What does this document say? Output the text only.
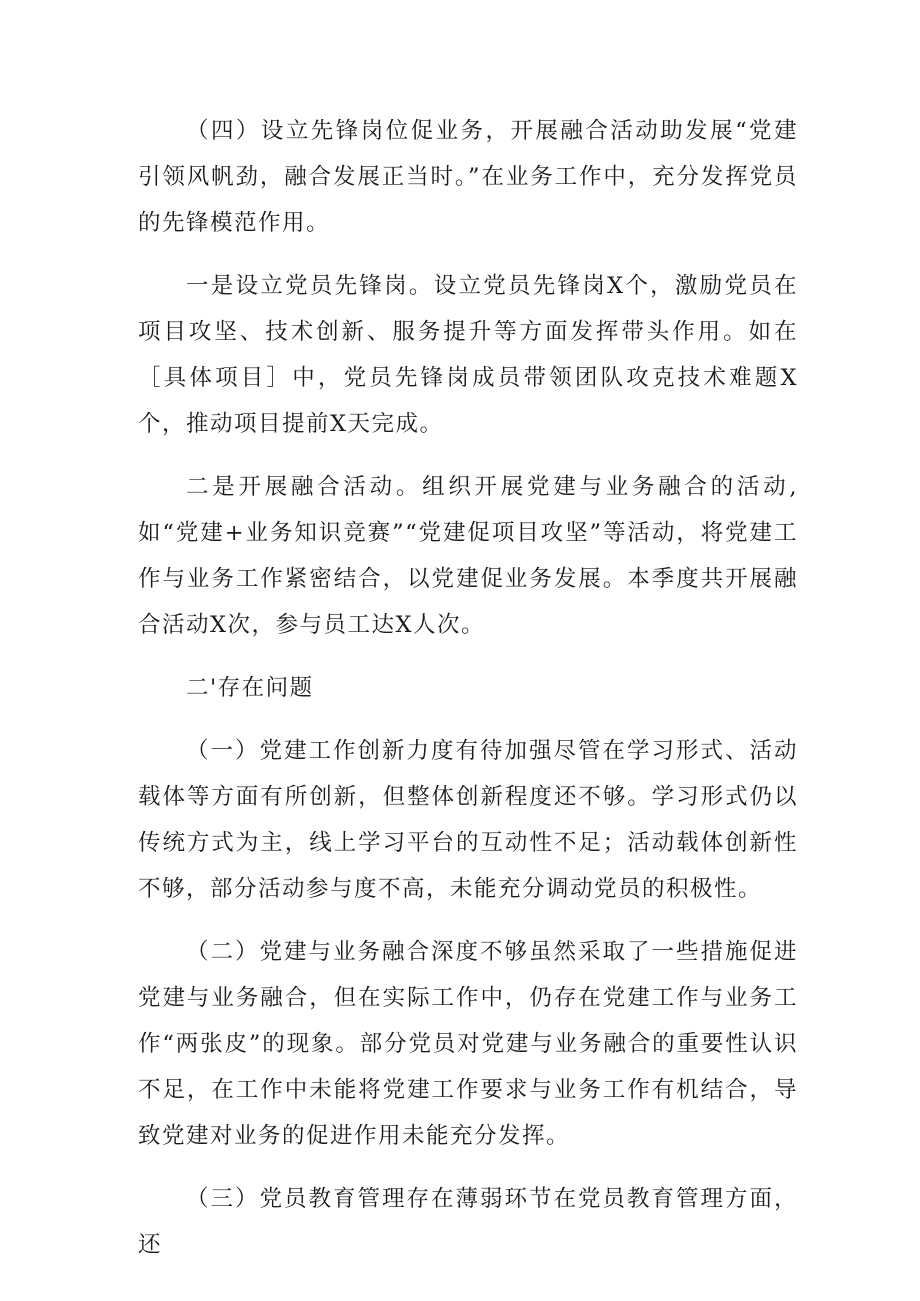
（四）设立先锋岗位促业务，开展融合活动助发展“党建引领风帆劲，融合发展正当时。”在业务工作中，充分发挥党员的先锋模范作用。

一是设立党员先锋岗。设立党员先锋岗X个，激励党员在项目攻坚、技术创新、服务提升等方面发挥带头作用。如在［具体项目］中，党员先锋岗成员带领团队攻克技术难题X个，推动项目提前X天完成。

二是开展融合活动。组织开展党建与业务融合的活动,如“党建+业务知识竞赛”“党建促项目攻坚”等活动，将党建工作与业务工作紧密结合，以党建促业务发展。本季度共开展融合活动X次，参与员工达X人次。

二'存在问题

（一）党建工作创新力度有待加强尽管在学习形式、活动载体等方面有所创新，但整体创新程度还不够。学习形式仍以传统方式为主，线上学习平台的互动性不足；活动载体创新性不够，部分活动参与度不高，未能充分调动党员的积极性。

（二）党建与业务融合深度不够虽然采取了一些措施促进党建与业务融合，但在实际工作中，仍存在党建工作与业务工作“两张皮”的现象。部分党员对党建与业务融合的重要性认识不足，在工作中未能将党建工作要求与业务工作有机结合，导致党建对业务的促进作用未能充分发挥。

（三）党员教育管理存在薄弱环节在党员教育管理方面，还
